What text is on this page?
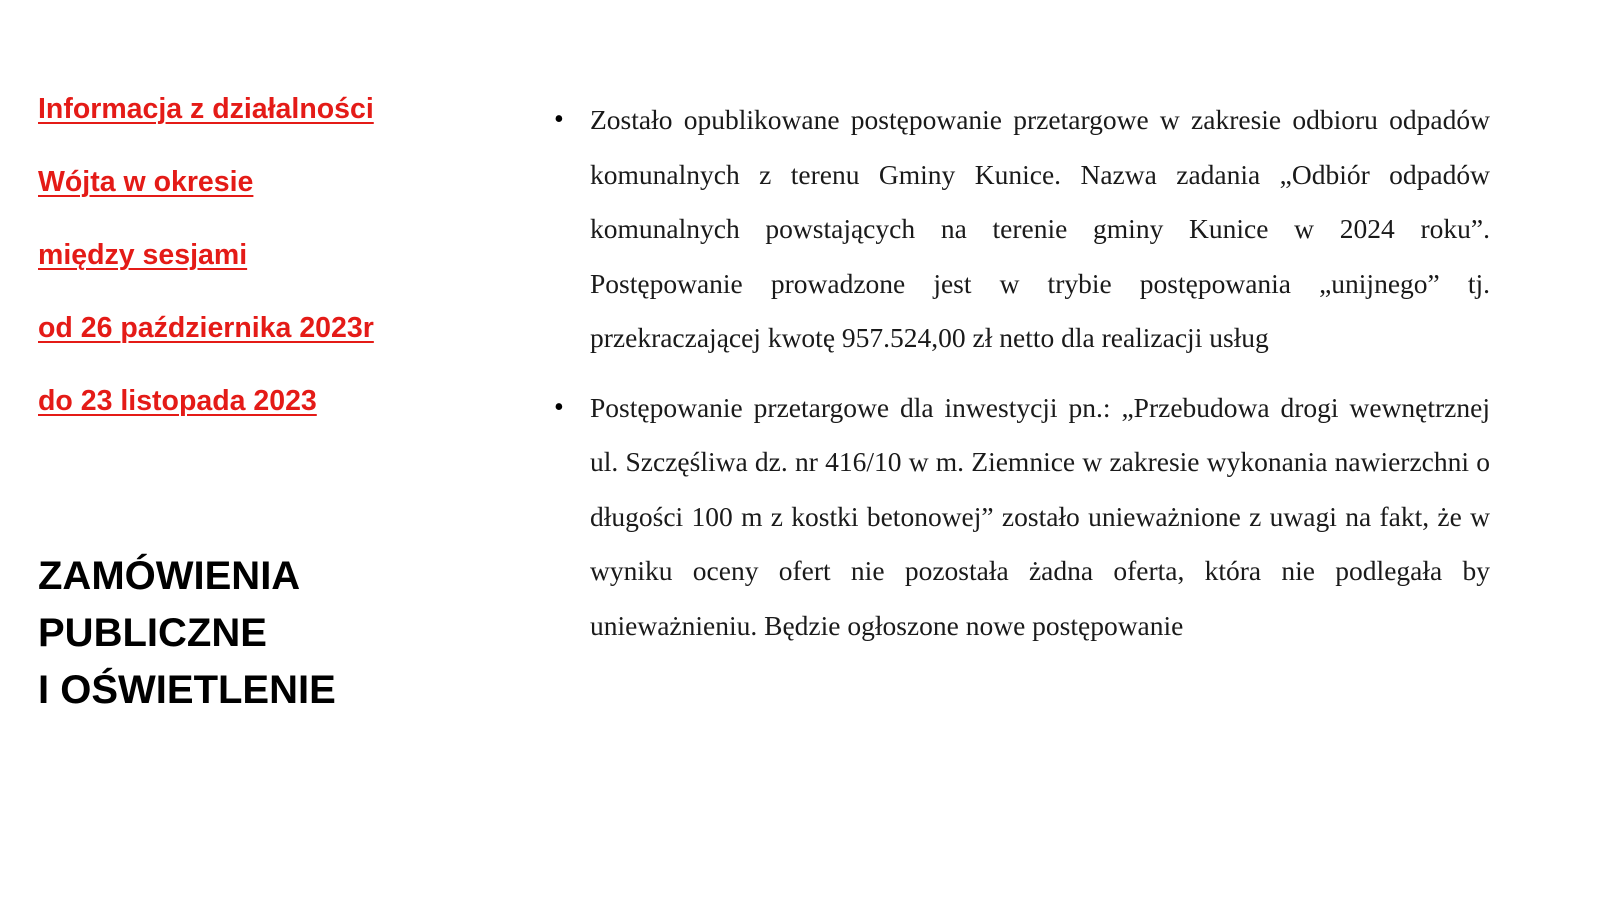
Informacja z działalności
Wójta w okresie
między sesjami
od 26 października 2023r
do 23 listopada 2023
ZAMÓWIENIA
PUBLICZNE
I OŚWIETLENIE
• Zostało opublikowane postępowanie przetargowe w zakresie odbioru odpadów komunalnych z terenu Gminy Kunice. Nazwa zadania „Odbiór odpadów komunalnych powstających na terenie gminy Kunice w 2024 roku”. Postępowanie prowadzone jest w trybie postępowania „unijnego” tj. przekraczającej kwotę 957.524,00 zł netto dla realizacji usług
• Postępowanie przetargowe dla inwestycji pn.: „Przebudowa drogi wewnętrznej ul. Szczęśliwa dz. nr 416/10 w m. Ziemnice w zakresie wykonania nawierzchni o długości 100 m z kostki betonowej” zostało unieważnione z uwagi na fakt, że w wyniku oceny ofert nie pozostała żadna oferta, która nie podlegała by unieważnieniu. Będzie ogłoszone nowe postępowanie
